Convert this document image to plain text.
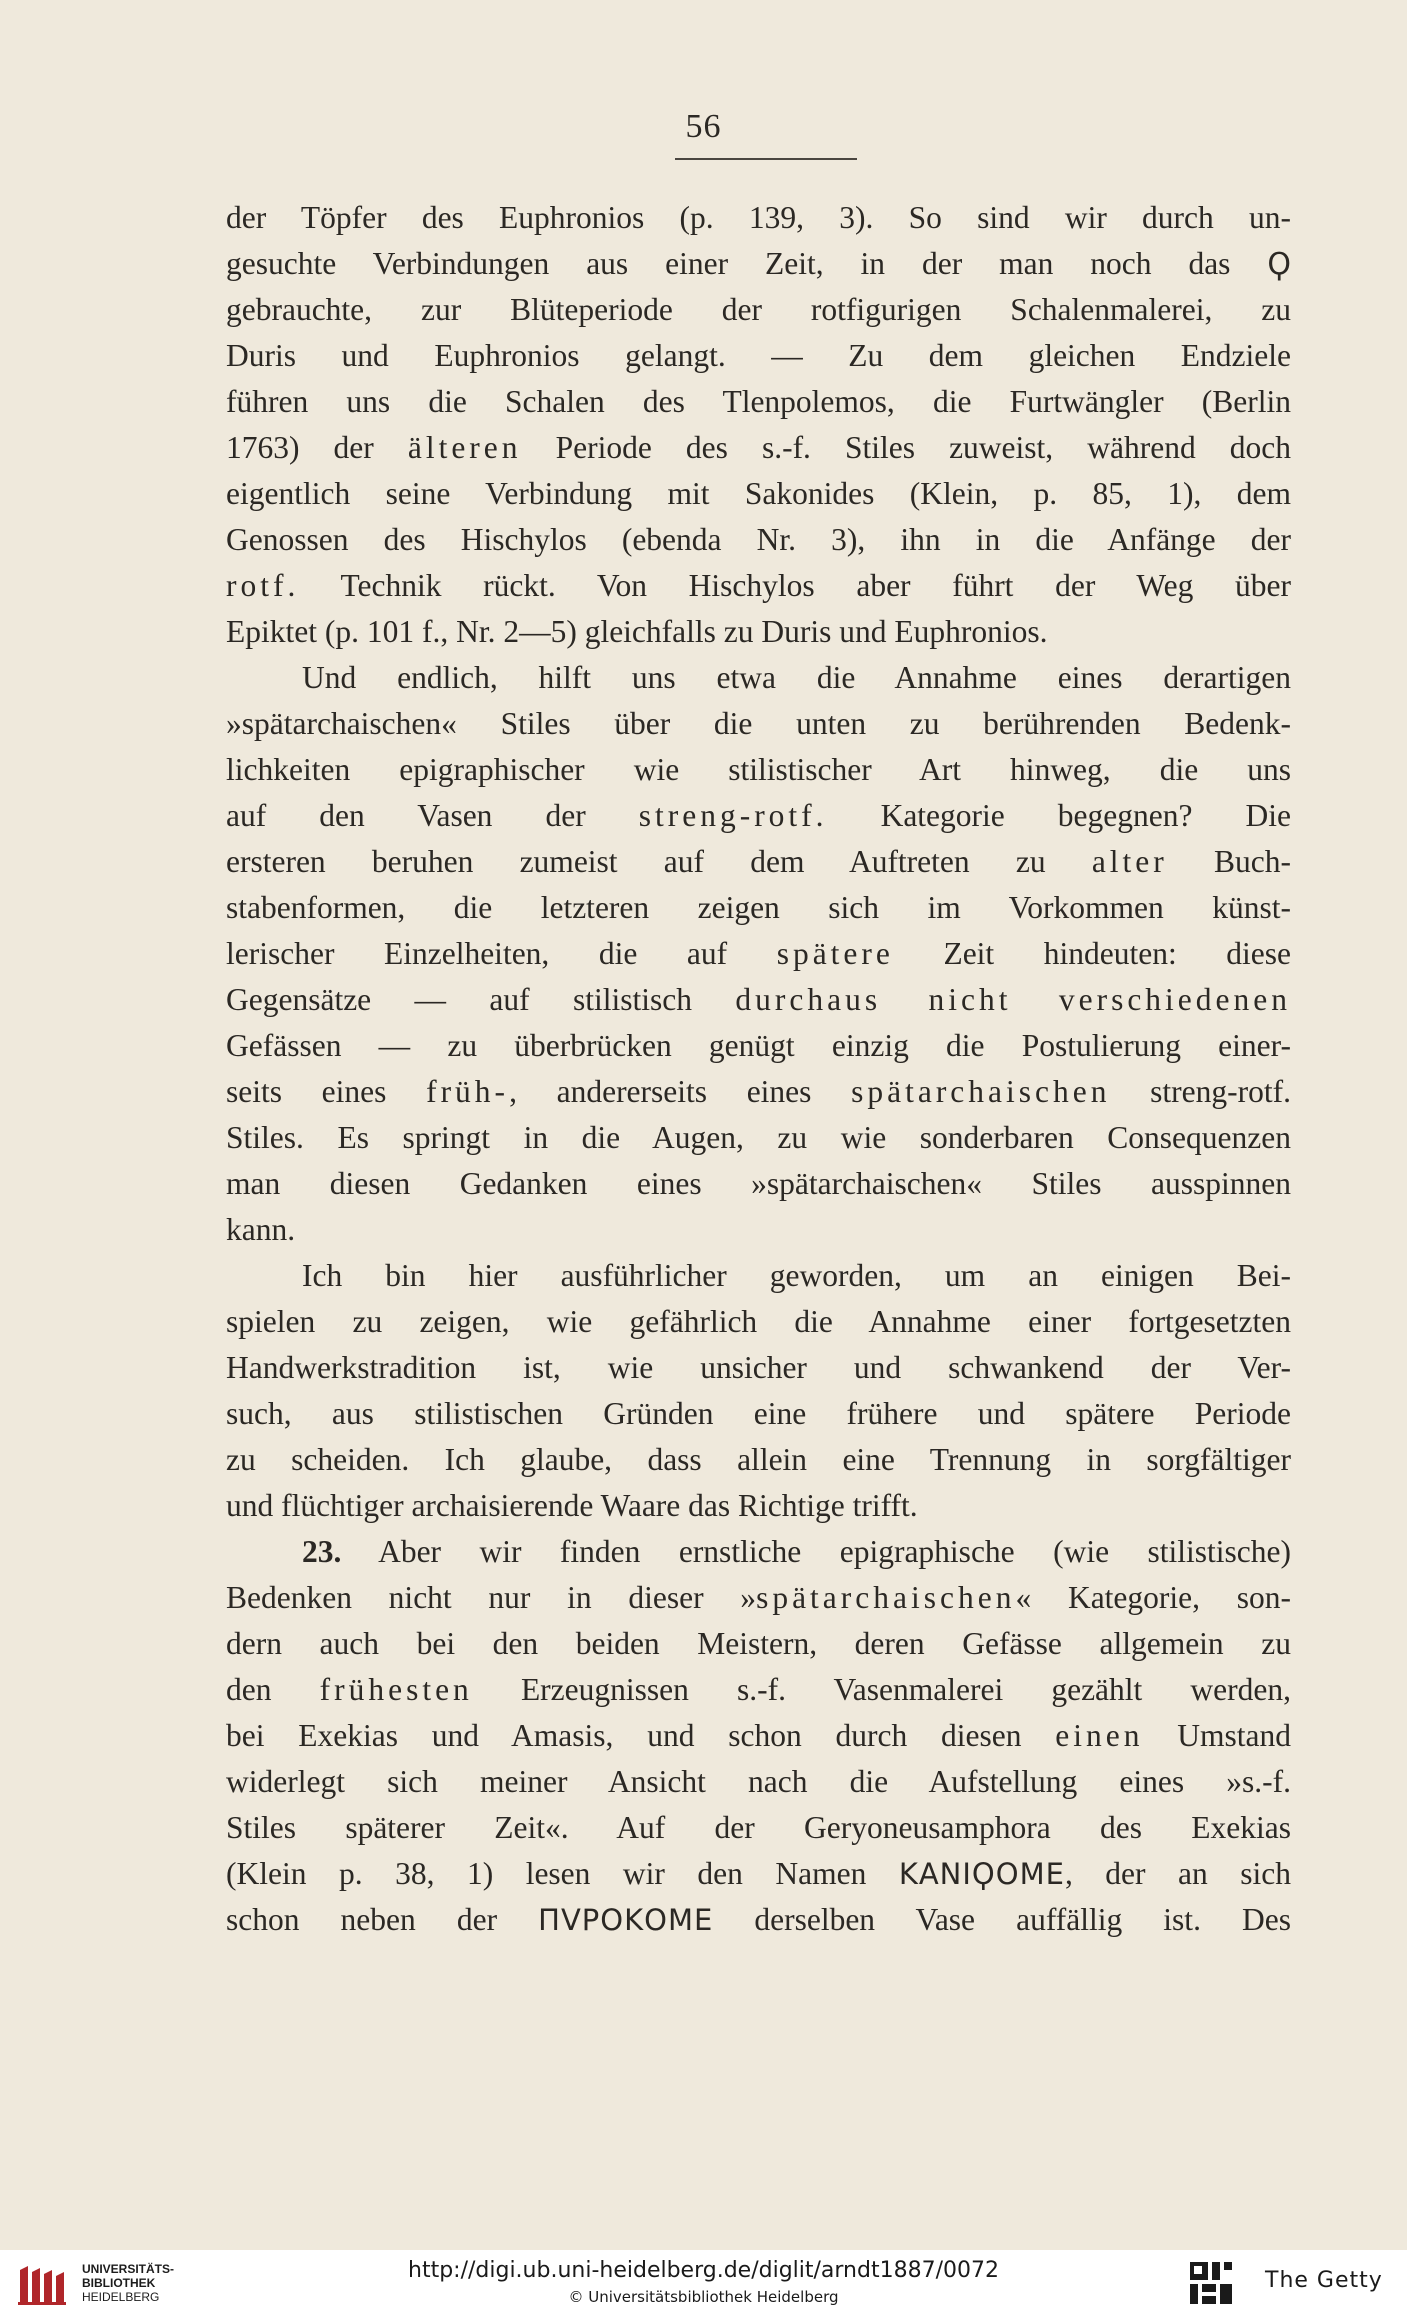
56
der Töpfer des Euphronios (p. 139, 3). So sind wir durch un-
gesuchte Verbindungen aus einer Zeit, in der man noch das Ϙ
gebrauchte, zur Blüteperiode der rotfigurigen Schalenmalerei, zu
Duris und Euphronios gelangt. — Zu dem gleichen Endziele
führen uns die Schalen des Tlenpolemos, die Furtwängler (Berlin
1763) der älteren Periode des s.-f. Stiles zuweist, während doch
eigentlich seine Verbindung mit Sakonides (Klein, p. 85, 1), dem
Genossen des Hischylos (ebenda Nr. 3), ihn in die Anfänge der
rotf. Technik rückt. Von Hischylos aber führt der Weg über
Epiktet (p. 101 f., Nr. 2—5) gleichfalls zu Duris und Euphronios.
Und endlich, hilft uns etwa die Annahme eines derartigen
»spätarchaischen« Stiles über die unten zu berührenden Bedenk-
lichkeiten epigraphischer wie stilistischer Art hinweg, die uns
auf den Vasen der streng-rotf. Kategorie begegnen? Die
ersteren beruhen zumeist auf dem Auftreten zu alter Buch-
stabenformen, die letzteren zeigen sich im Vorkommen künst-
lerischer Einzelheiten, die auf spätere Zeit hindeuten: diese
Gegensätze — auf stilistisch durchaus nicht verschiedenen
Gefässen — zu überbrücken genügt einzig die Postulierung einer-
seits eines früh-, andererseits eines spätarchaischen streng-rotf.
Stiles. Es springt in die Augen, zu wie sonderbaren Consequenzen
man diesen Gedanken eines »spätarchaischen« Stiles ausspinnen
kann.
Ich bin hier ausführlicher geworden, um an einigen Bei-
spielen zu zeigen, wie gefährlich die Annahme einer fortgesetzten
Handwerkstradition ist, wie unsicher und schwankend der Ver-
such, aus stilistischen Gründen eine frühere und spätere Periode
zu scheiden. Ich glaube, dass allein eine Trennung in sorgfältiger
und flüchtiger archaisierende Waare das Richtige trifft.
23. Aber wir finden ernstliche epigraphische (wie stilistische)
Bedenken nicht nur in dieser »spätarchaischen« Kategorie, son-
dern auch bei den beiden Meistern, deren Gefässe allgemein zu
den frühesten Erzeugnissen s.-f. Vasenmalerei gezählt werden,
bei Exekias und Amasis, und schon durch diesen einen Umstand
widerlegt sich meiner Ansicht nach die Aufstellung eines »s.-f.
Stiles späterer Zeit«. Auf der Geryoneusamphora des Exekias
(Klein p. 38, 1) lesen wir den Namen ΚΑΝΙϘΟΜΕ, der an sich
schon neben der ΠVΡΟΚΟΜΕ derselben Vase auffällig ist. Des
UNIVERSITÄTS-
BIBLIOTHEK
HEIDELBERG
http://digi.ub.uni-heidelberg.de/diglit/arndt1887/0072
© Universitätsbibliothek Heidelberg
The Getty
